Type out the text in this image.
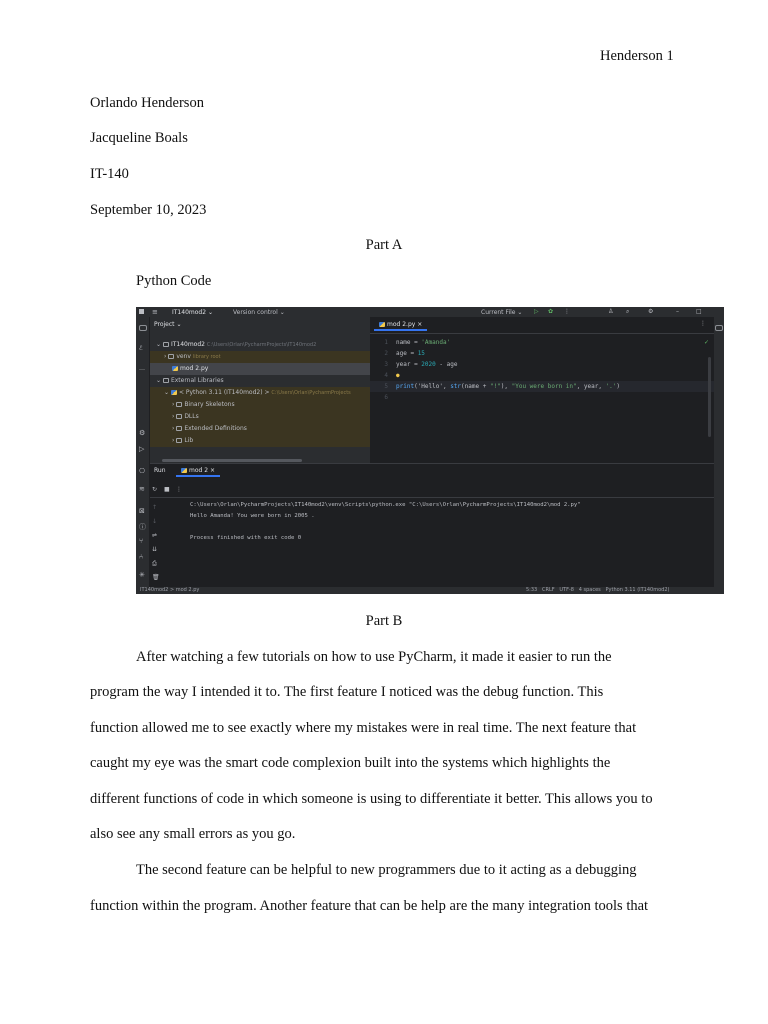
Henderson 1
Orlando Henderson
Jacqueline Boals
IT-140
September 10, 2023
Part A
Python Code
≡ IT140mod2 ⌄	Version control ⌄	Current File ⌄ ▷ ✿ ⋮	♙ ⌕	⚙	–	□
ℰ
…
⚙
▷
⎔
≋
⊠
ⓘ
⑂
⑃
✳
Project ⌄
⌄ IT140mod2 C:\Users\Orlan\PycharmProjects\IT140mod2
› venv library root
mod 2.py
⌄ External Libraries
⌄ < Python 3.11 (IT140mod2) > C:\Users\Orlan\PycharmProjects
› Binary Skeletons
› DLLs
› Extended Definitions
› Lib
mod 2.py ×	⋮
✓
1 name = 'Amanda'
2 age = 15
3 year = 2020 - age
4 ●
5 print('Hello', str(name + "!"), "You were born in", year, '.')
6
Run	mod 2 ×
↻ ■ ⋮
↑
↓
⇌
⇊
⎙
🗑
C:\Users\Orlan\PycharmProjects\IT140mod2\venv\Scripts\python.exe "C:\Users\Orlan\PycharmProjects\IT140mod2\mod 2.py"
Hello Amanda! You were born in 2005 .
Process finished with exit code 0
IT140mod2 > mod 2.py	5:33   CRLF   UTF-8   4 spaces   Python 3.11 (IT140mod2)
Part B
After watching a few tutorials on how to use PyCharm, it made it easier to run the
program the way I intended it to. The first feature I noticed was the debug function. This
function allowed me to see exactly where my mistakes were in real time. The next feature that
caught my eye was the smart code complexion built into the systems which highlights the
different functions of code in which someone is using to differentiate it better. This allows you to
also see any small errors as you go.
The second feature can be helpful to new programmers due to it acting as a debugging
function within the program. Another feature that can be help are the many integration tools that
